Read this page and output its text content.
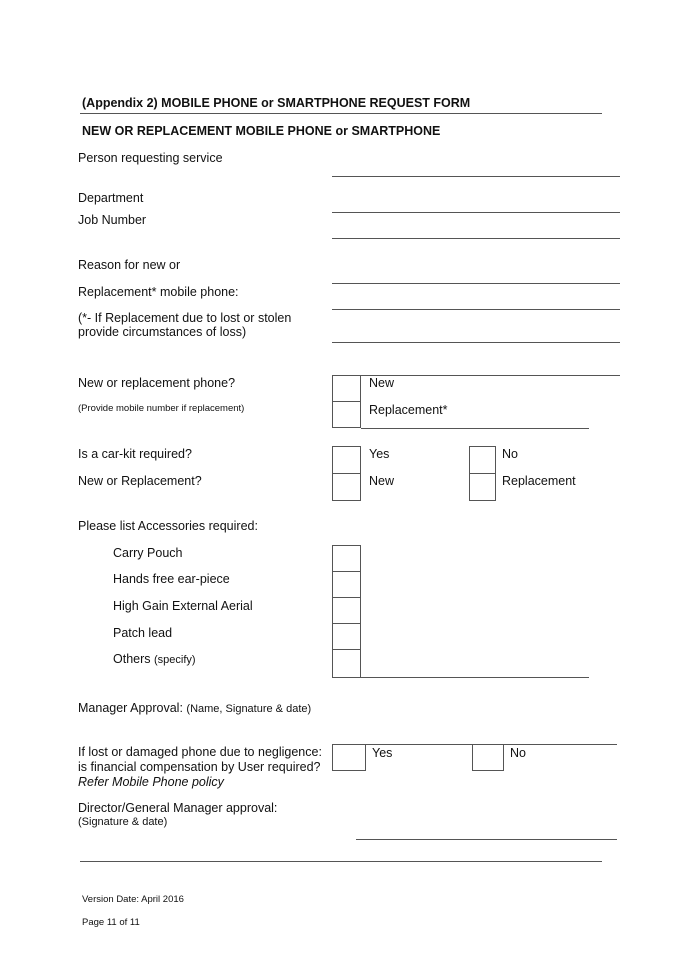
(Appendix 2) MOBILE PHONE or SMARTPHONE REQUEST FORM
NEW OR REPLACEMENT MOBILE PHONE or SMARTPHONE
Person requesting service
Department
Job Number
Reason for new or
Replacement* mobile phone:
(*- If Replacement due to lost or stolen
provide circumstances of loss)
New or replacement phone?
(Provide mobile number if replacement)
New
Replacement*
Is a car-kit required?
New or Replacement?
Yes
New
No
Replacement
Please list Accessories required:
Carry Pouch
Hands free ear-piece
High Gain External Aerial
Patch lead
Others (specify)
Manager Approval: (Name, Signature & date)
If lost or damaged phone due to negligence:
is financial compensation by User required?
Refer Mobile Phone policy
Yes	No
Director/General Manager approval:
(Signature & date)
Version Date: April 2016
Page 11 of 11
